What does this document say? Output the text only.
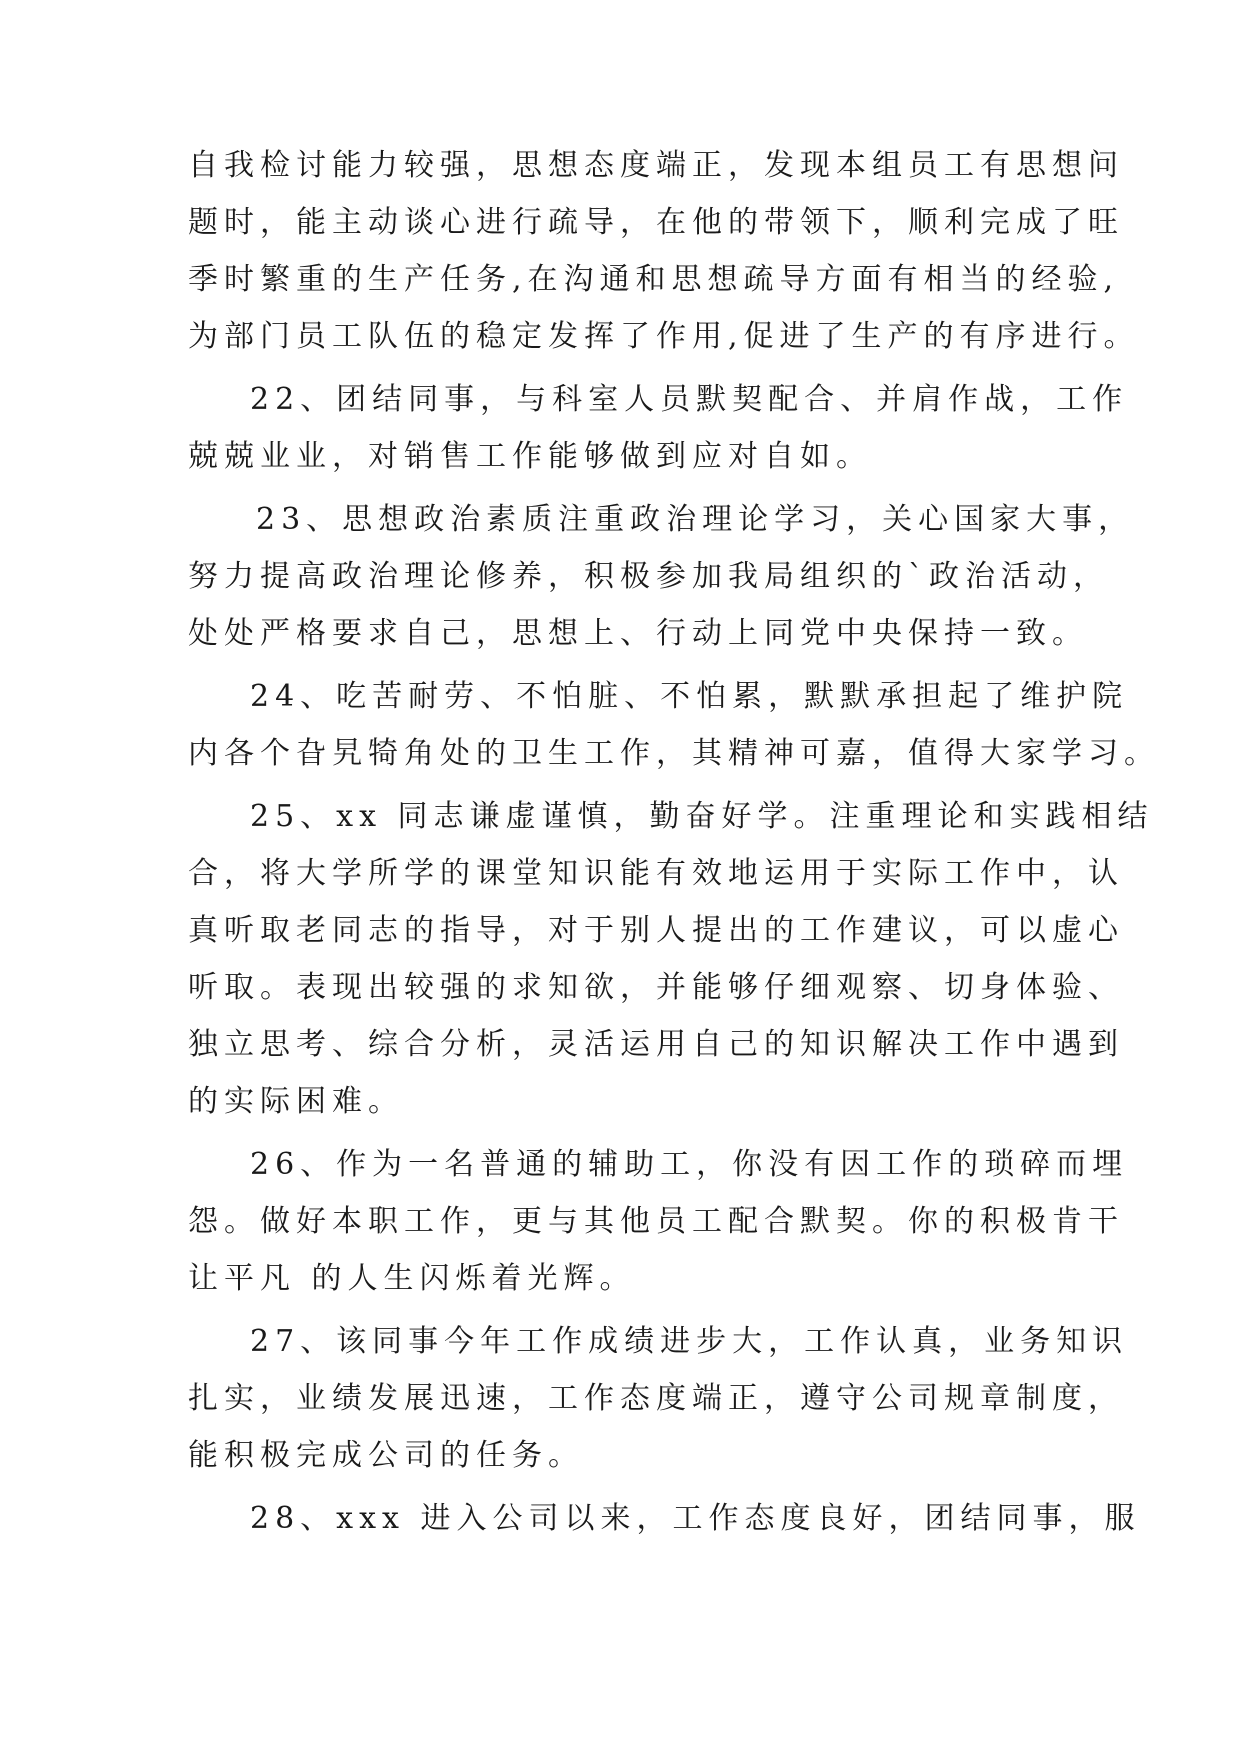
自我检讨能力较强，思想态度端正，发现本组员工有思想问
题时，能主动谈心进行疏导，在他的带领下，顺利完成了旺
季时繁重的生产任务,在沟通和思想疏导方面有相当的经验,
为部门员工队伍的稳定发挥了作用,促进了生产的有序进行。
22、团结同事，与科室人员默契配合、并肩作战，工作
兢兢业业，对销售工作能够做到应对自如。
23、思想政治素质注重政治理论学习，关心国家大事，
努力提高政治理论修养，积极参加我局组织的`政治活动，
处处严格要求自己，思想上、行动上同党中央保持一致。
24、吃苦耐劳、不怕脏、不怕累，默默承担起了维护院
内各个旮旯犄角处的卫生工作，其精神可嘉，值得大家学习。
25、xx 同志谦虚谨慎，勤奋好学。注重理论和实践相结
合，将大学所学的课堂知识能有效地运用于实际工作中，认
真听取老同志的指导，对于别人提出的工作建议，可以虚心
听取。表现出较强的求知欲，并能够仔细观察、切身体验、
独立思考、综合分析，灵活运用自己的知识解决工作中遇到
的实际困难。
26、作为一名普通的辅助工，你没有因工作的琐碎而埋
怨。做好本职工作，更与其他员工配合默契。你的积极肯干
让平凡 的人生闪烁着光辉。
27、该同事今年工作成绩进步大，工作认真，业务知识
扎实，业绩发展迅速，工作态度端正，遵守公司规章制度，
能积极完成公司的任务。
28、xxx 进入公司以来，工作态度良好，团结同事，服
